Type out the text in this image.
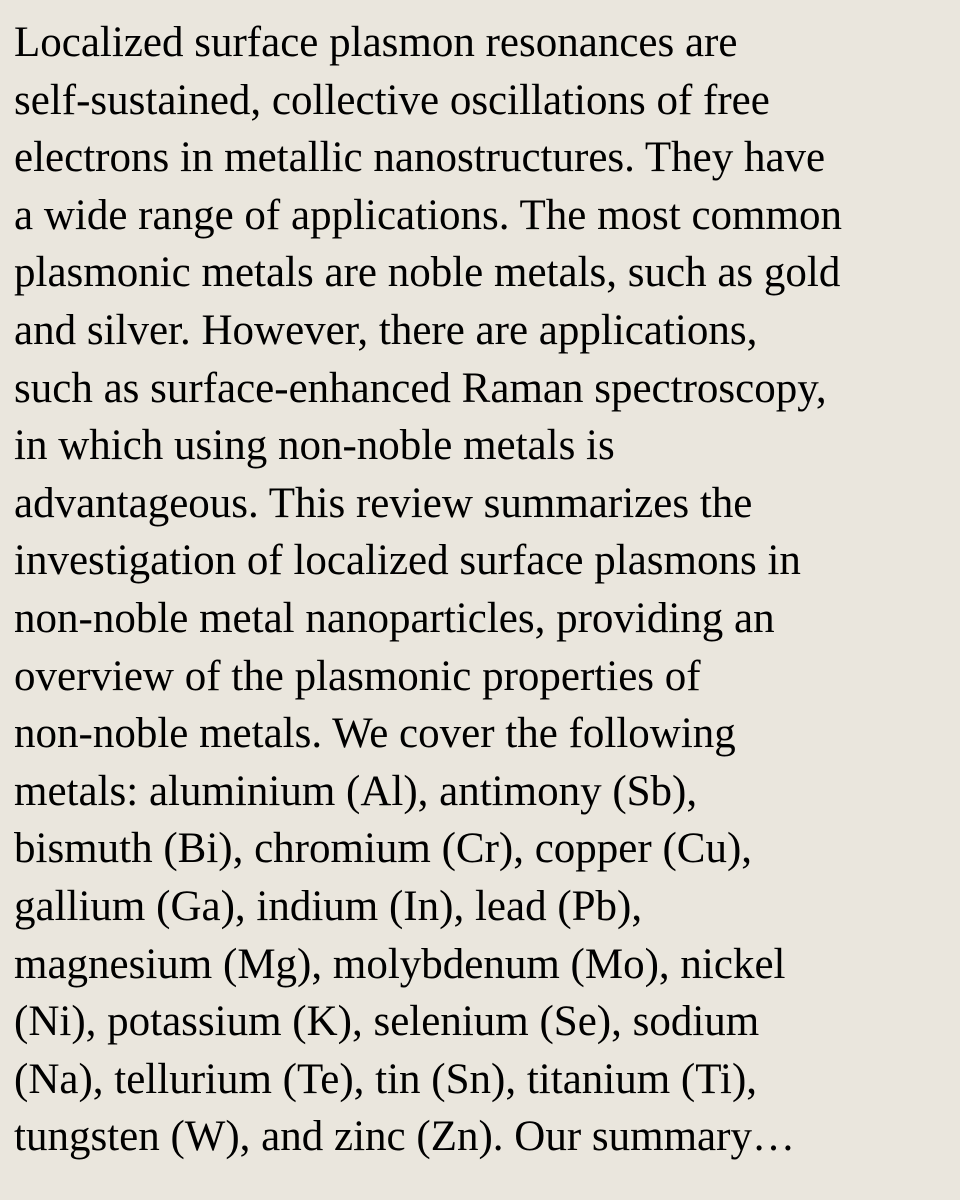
Localized surface plasmon resonances are

self-sustained, collective oscillations of free

electrons in metallic nanostructures. They have

a wide range of applications. The most common

plasmonic metals are noble metals, such as gold

and silver. However, there are applications,

such as surface-enhanced Raman spectroscopy,

in which using non-noble metals is

advantageous. This review summarizes the

investigation of localized surface plasmons in

non-noble metal nanoparticles, providing an

overview of the plasmonic properties of

non-noble metals. We cover the following

metals: aluminium (Al), antimony (Sb),

bismuth (Bi), chromium (Cr), copper (Cu),

gallium (Ga), indium (In), lead (Pb),

magnesium (Mg), molybdenum (Mo), nickel

(Ni), potassium (K), selenium (Se), sodium

(Na), tellurium (Te), tin (Sn), titanium (Ti),

tungsten (W), and zinc (Zn). Our summary…
